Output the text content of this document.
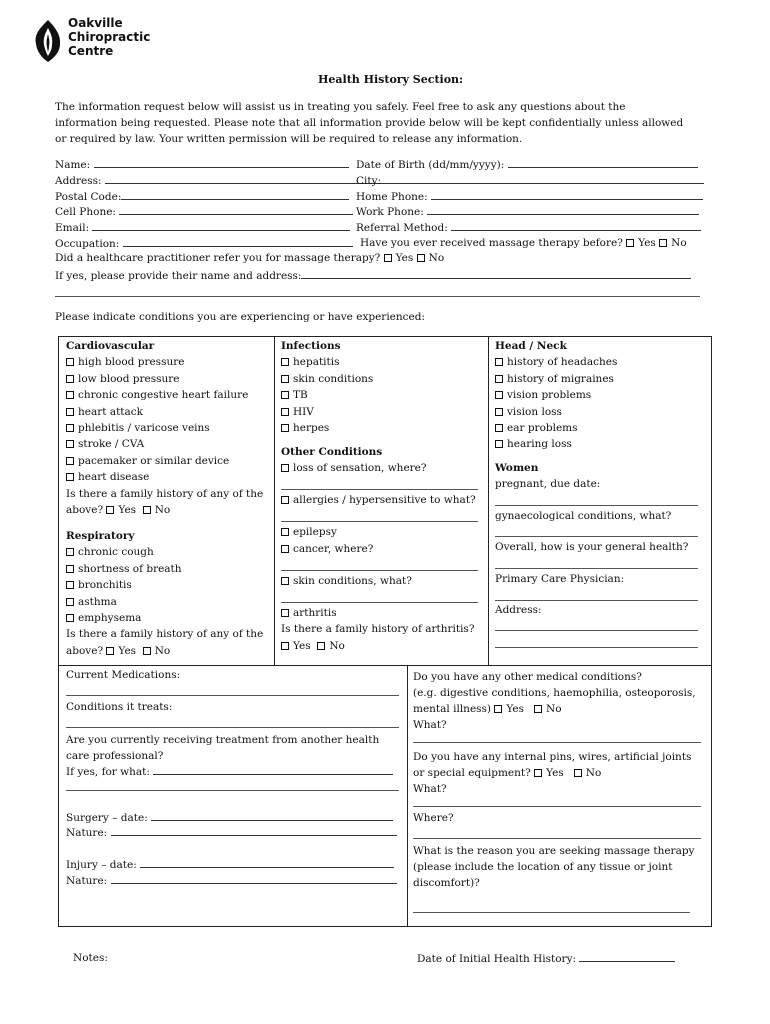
Oakville
Chiropractic
Centre
Health History Section:
The information request below will assist us in treating you safely. Feel free to ask any questions about the
information being requested. Please note that all information provide below will be kept confidentially unless allowed
or required by law. Your written permission will be required to release any information.
Name:	Date of Birth (dd/mm/yyyy):
Address:	City:
Postal Code:	Home Phone:
Cell Phone:	Work Phone:
Email:	Referral Method:
Occupation:	Have you ever received massage therapy before? Yes No
Did a healthcare practitioner refer you for massage therapy? Yes No
If yes, please provide their name and address:
Please indicate conditions you are experiencing or have experienced:
Cardiovascular
high blood pressure
low blood pressure
chronic congestive heart failure
heart attack
phlebitis / varicose veins
stroke / CVA
pacemaker or similar device
heart disease
Is there a family history of any of the
above? Yes No
Respiratory
chronic cough
shortness of breath
bronchitis
asthma
emphysema
Is there a family history of any of the
above? Yes No
Infections
hepatitis
skin conditions
TB
HIV
herpes
Other Conditions
loss of sensation, where?
allergies / hypersensitive to what?
epilepsy
cancer, where?
skin conditions, what?
arthritis
Is there a family history of arthritis?
Yes No
Head / Neck
history of headaches
history of migraines
vision problems
vision loss
ear problems
hearing loss
Women
pregnant, due date:
gynaecological conditions, what?
Overall, how is your general health?
Primary Care Physician:
Address:
Current Medications:
Conditions it treats:
Are you currently receiving treatment from another health
care professional?
If yes, for what:
Surgery – date:
Nature:
Injury – date:
Nature:
Do you have any other medical conditions?
(e.g. digestive conditions, haemophilia, osteoporosis,
mental illness) Yes No
What?
Do you have any internal pins, wires, artificial joints
or special equipment? Yes No
What?
Where?
What is the reason you are seeking massage therapy
(please include the location of any tissue or joint
discomfort)?
Notes:	Date of Initial Health History:
